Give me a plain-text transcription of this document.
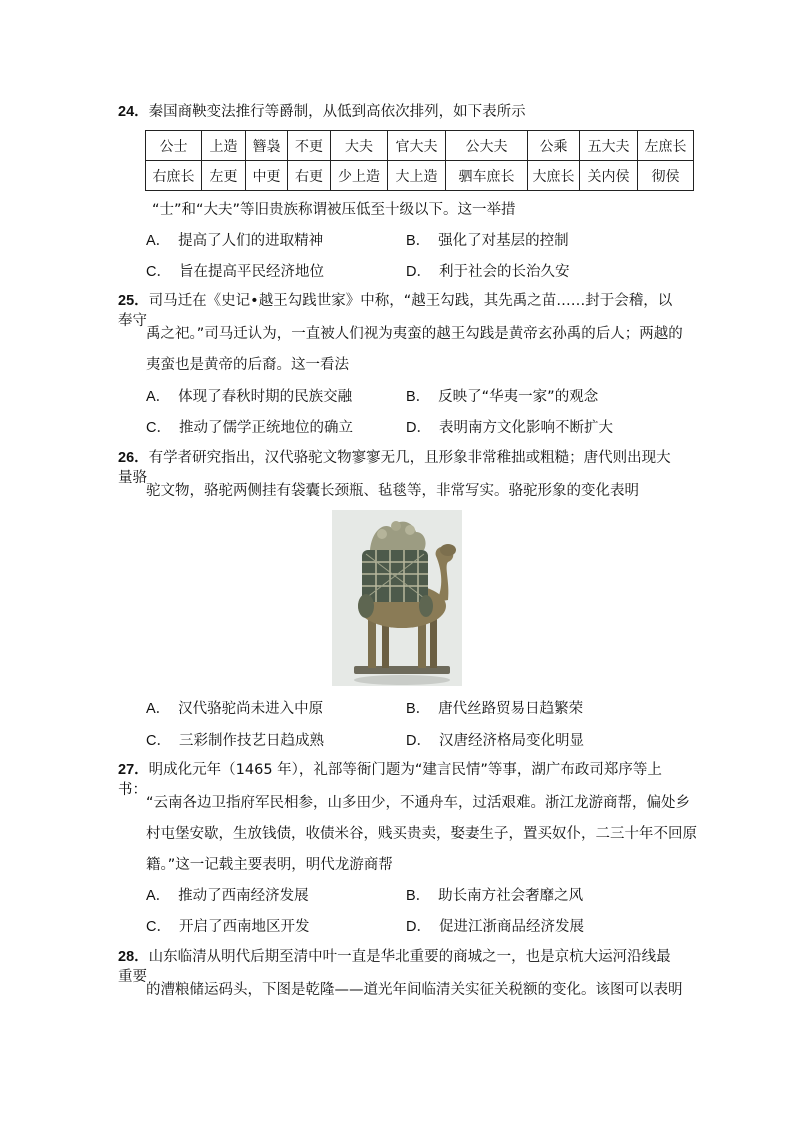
24．秦国商鞅变法推行等爵制，从低到高依次排列，如下表所示
公士	上造	簪袅	不更	大夫	官大夫	公大夫	公乘	五大夫	左庶长
右庶长	左更	中更	右更	少上造	大上造	驷车庶长	大庶长	关内侯	彻侯
“士”和“大夫”等旧贵族称谓被压低至十级以下。这一举措
A． 提高了人们的进取精神	B． 强化了对基层的控制
C． 旨在提高平民经济地位	D． 利于社会的长治久安
25．司马迁在《史记•越王勾践世家》中称，“越王勾践，其先禹之苗……封于会稽，以奉守
禹之祀。”司马迁认为，一直被人们视为夷蛮的越王勾践是黄帝玄孙禹的后人；两越的
夷蛮也是黄帝的后裔。这一看法
A． 体现了春秋时期的民族交融	B． 反映了“华夷一家”的观念
C． 推动了儒学正统地位的确立	D． 表明南方文化影响不断扩大
26．有学者研究指出，汉代骆驼文物寥寥无几，且形象非常稚拙或粗糙；唐代则出现大量骆
驼文物，骆驼两侧挂有袋囊长颈瓶、毡毯等，非常写实。骆驼形象的变化表明
A． 汉代骆驼尚未进入中原	B． 唐代丝路贸易日趋繁荣
C． 三彩制作技艺日趋成熟	D． 汉唐经济格局变化明显
27．明成化元年（1465 年），礼部等衙门题为“建言民情”等事，湖广布政司郑序等上书：
“云南各边卫指府军民相参，山多田少，不通舟车，过活艰难。浙江龙游商帮，偏处乡
村屯堡安歇，生放钱债，收债米谷，贱买贵卖，娶妻生子，置买奴仆，二三十年不回原
籍。”这一记载主要表明，明代龙游商帮
A． 推动了西南经济发展	B． 助长南方社会奢靡之风
C． 开启了西南地区开发	D． 促进江浙商品经济发展
28．山东临清从明代后期至清中叶一直是华北重要的商城之一，也是京杭大运河沿线最重要
的漕粮储运码头，下图是乾隆——道光年间临清关实征关税额的变化。该图可以表明
